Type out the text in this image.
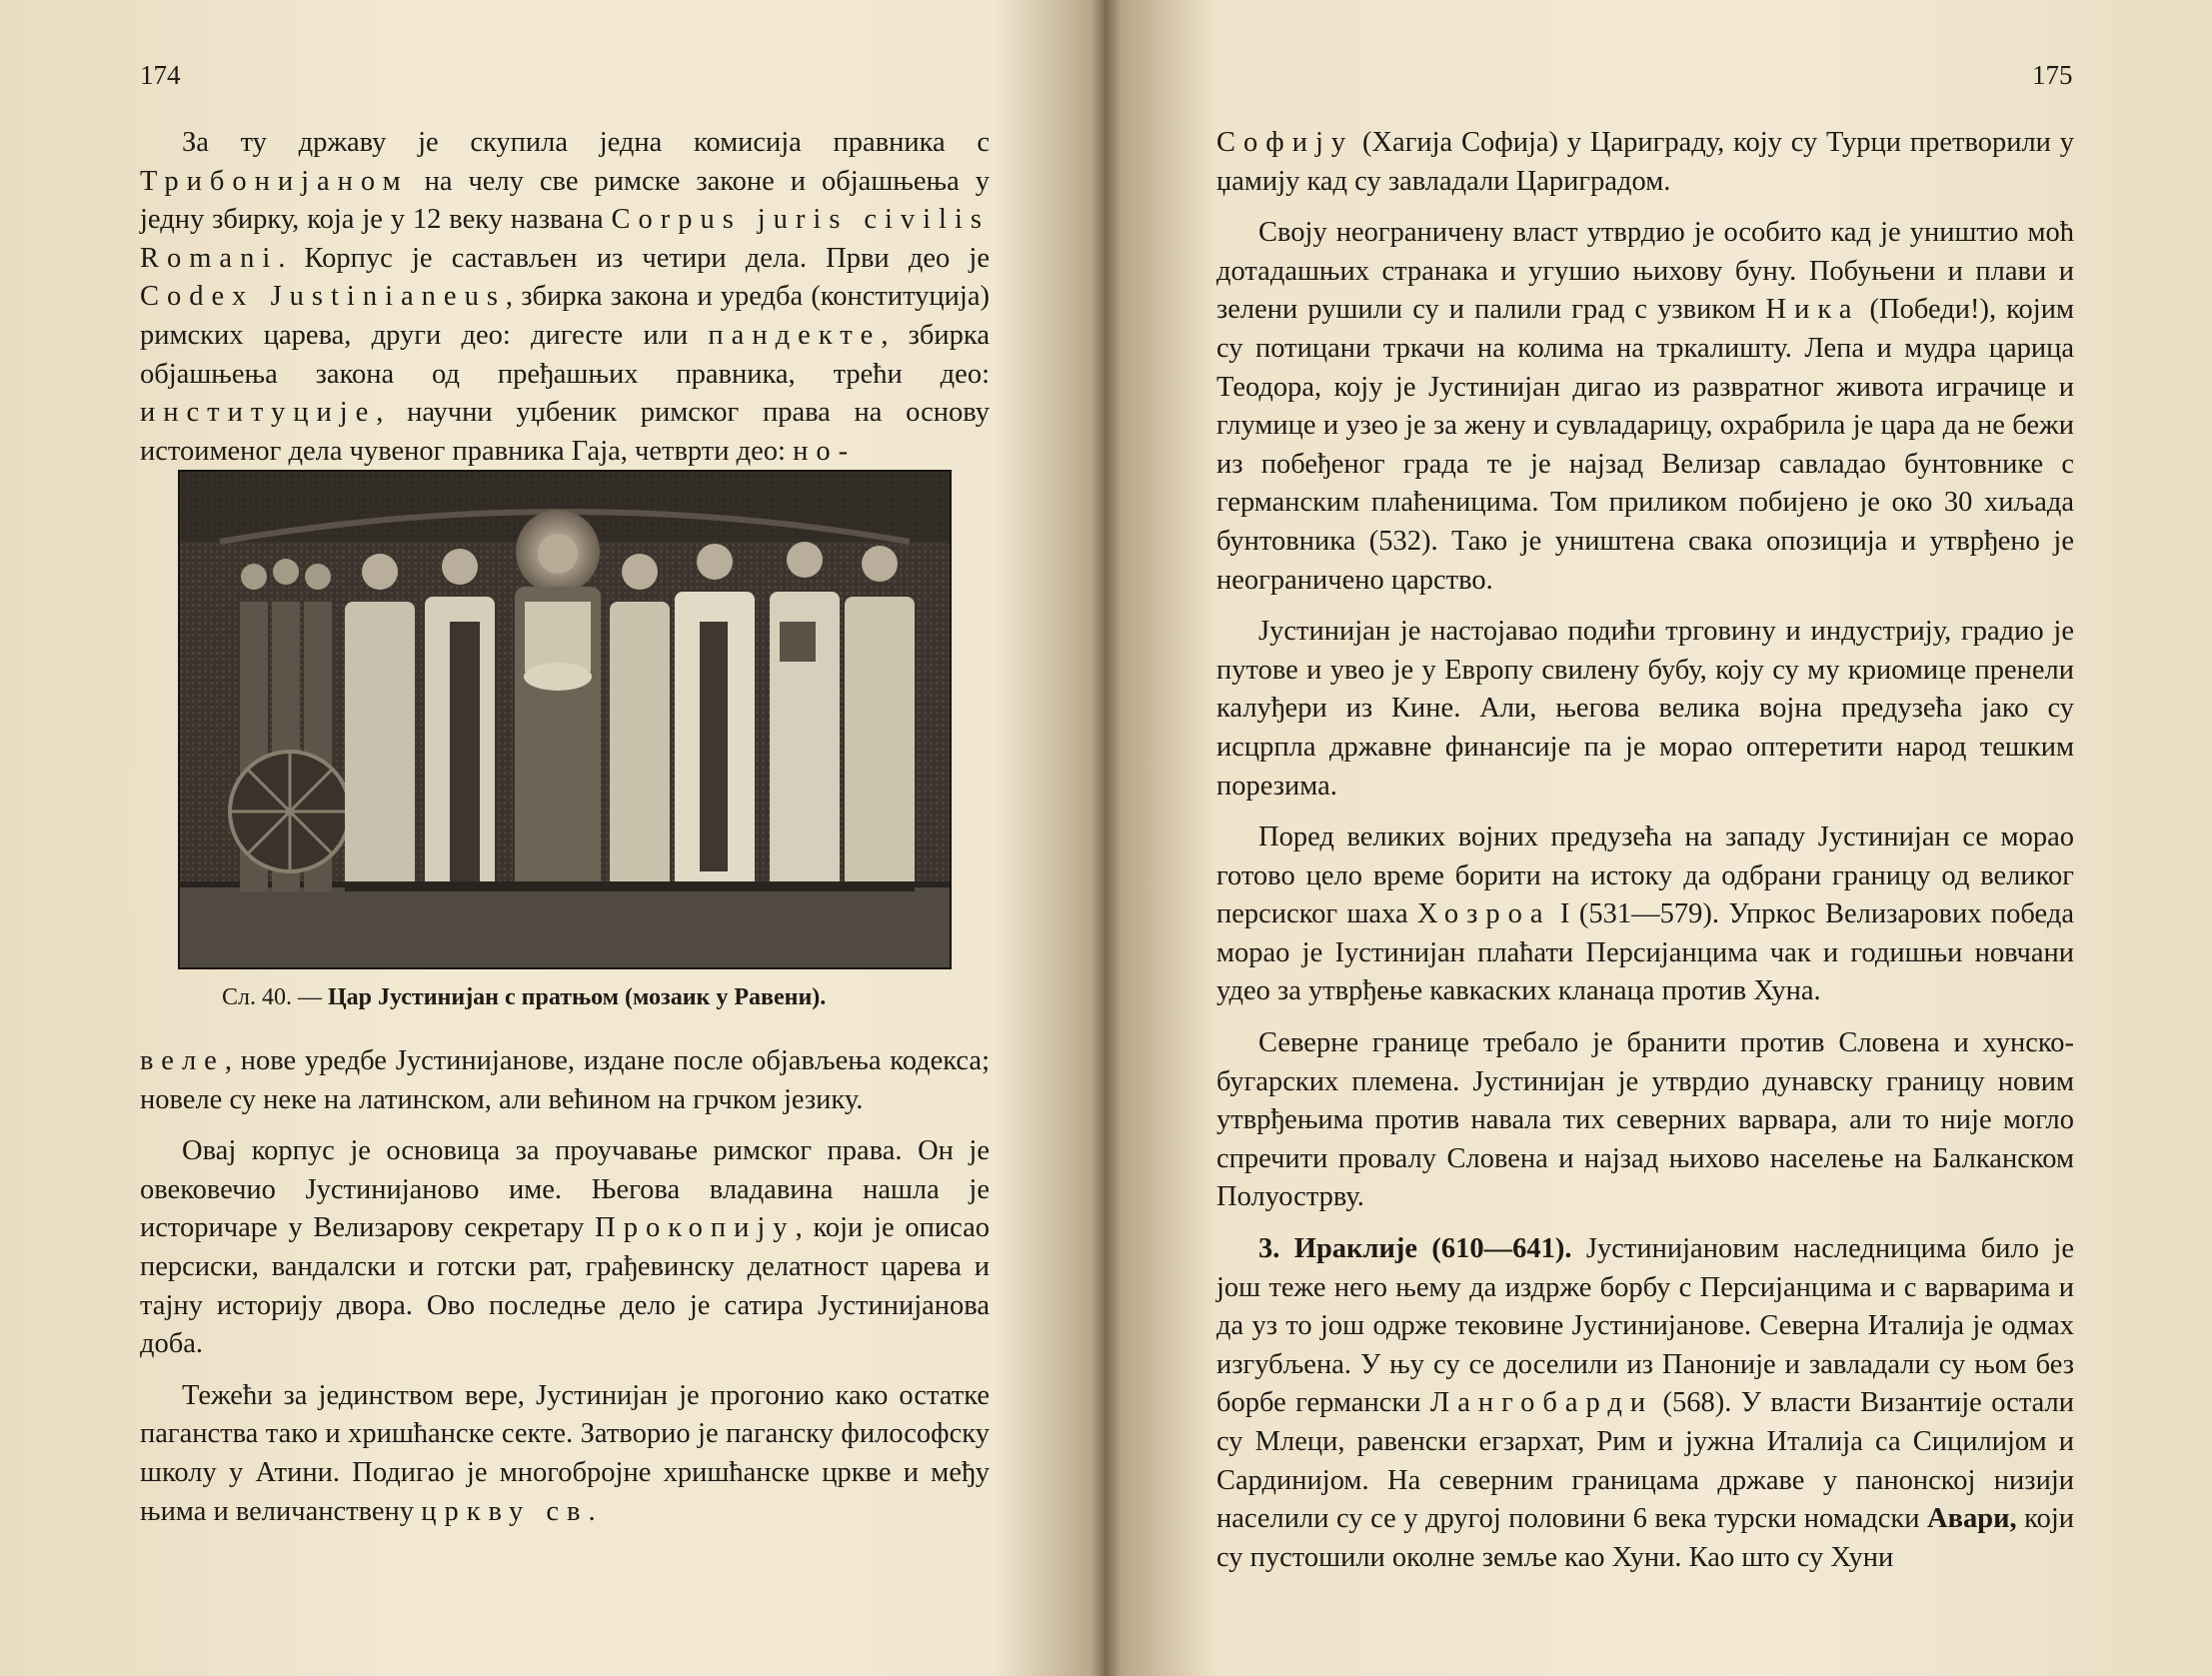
174

За ту државу је скупила једна комисија правника с Трибонијаном на челу све римске законе и објашњења у једну збирку, која је у 12 веку названа Corpus juris civilis Romani. Корпус је састављен из четири дела. Први део је Codex Justinianeus, збирка закона и уредба (конституција) римских царева, други део: дигесте или пандекте, збирка објашњења закона од пређашњих правника, трећи део: институције, научни уџбеник римског права на основу истоименог дела чувеног правника Гаја, четврти део: но-

Сл. 40. — Цар Јустинијан с пратњом (мозаик у Равени).

веле, нове уредбе Јустинијанове, издане после објављења кодекса; новеле су неке на латинском, али већином на грчком језику.

Овај корпус је основица за проучавање римског права. Он је овековечио Јустинијаново име. Његова владавина нашла је историчаре у Велизарову секретару Прокопију, који је описао персиски, вандалски и готски рат, грађевинску делатност царева и тајну историју двора. Ово последње дело је сатира Јустинијанова доба.

Тежећи за јединством вере, Јустинијан је прогонио како остатке паганства тако и хришћанске секте. Затворио је паганску философску школу у Атини. Подигао је многобројне хришћанске цркве и међу њима и величанствену цркву св.

175

Софију (Хагија Софија) у Цариграду, коју су Турци претворили у џамију кад су завладали Цариградом.

Своју неограничену власт утврдио је особито кад је уништио моћ дотадашњих странака и угушио њихову буну. Побуњени и плави и зелени рушили су и палили град с узвиком Ника (Победи!), којим су потицани тркачи на колима на тркалишту. Лепа и мудра царица Теодора, коју је Јустинијан дигао из развратног живота играчице и глумице и узео је за жену и сувладарицу, охрабрила је цара да не бежи из побеђеног града те је најзад Велизар савладао бунтовнике с германским плаћеницима. Том приликом побијено је око 30 хиљада бунтовника (532). Тако је уништена свака опозиција и утврђено је неограничено царство.

Јустинијан је настојавао подићи трговину и индустрију, градио је путове и увео је у Европу свилену бубу, коју су му криомице пренели калуђери из Кине. Али, његова велика војна предузећа јако су исцрпла државне финансије па је морао оптеретити народ тешким порезима.

Поред великих војних предузећа на западу Јустинијан се морао готово цело време борити на истоку да одбрани границу од великог персиског шаха Хозроа I (531—579). Упркос Велизарових победа морао је Іустинијан плаћати Персијанцима чак и годишњи новчани удео за утврђење кавкаских кланаца против Хуна.

Северне границе требало је бранити против Словена и хунско-бугарских племена. Јустинијан је утврдио дунавску границу новим утврђењима против навала тих северних варвара, али то није могло спречити провалу Словена и најзад њихово населење на Балканском Полуострву.

3. Ираклије (610—641). Јустинијановим наследницима било је још теже него њему да издрже борбу с Персијанцима и с варварима и да уз то још одрже тековине Јустинијанове. Северна Италија је одмах изгубљена. У њу су се доселили из Паноније и завладали су њом без борбе германски Лангобарди (568). У власти Византије остали су Млеци, равенски егзархат, Рим и јужна Италија са Сицилијом и Сардинијом. На северним границама државе у панонској низији населили су се у другој половини 6 века турски номадски Авари, који су пустошили околне земље као Хуни. Као што су Хуни
